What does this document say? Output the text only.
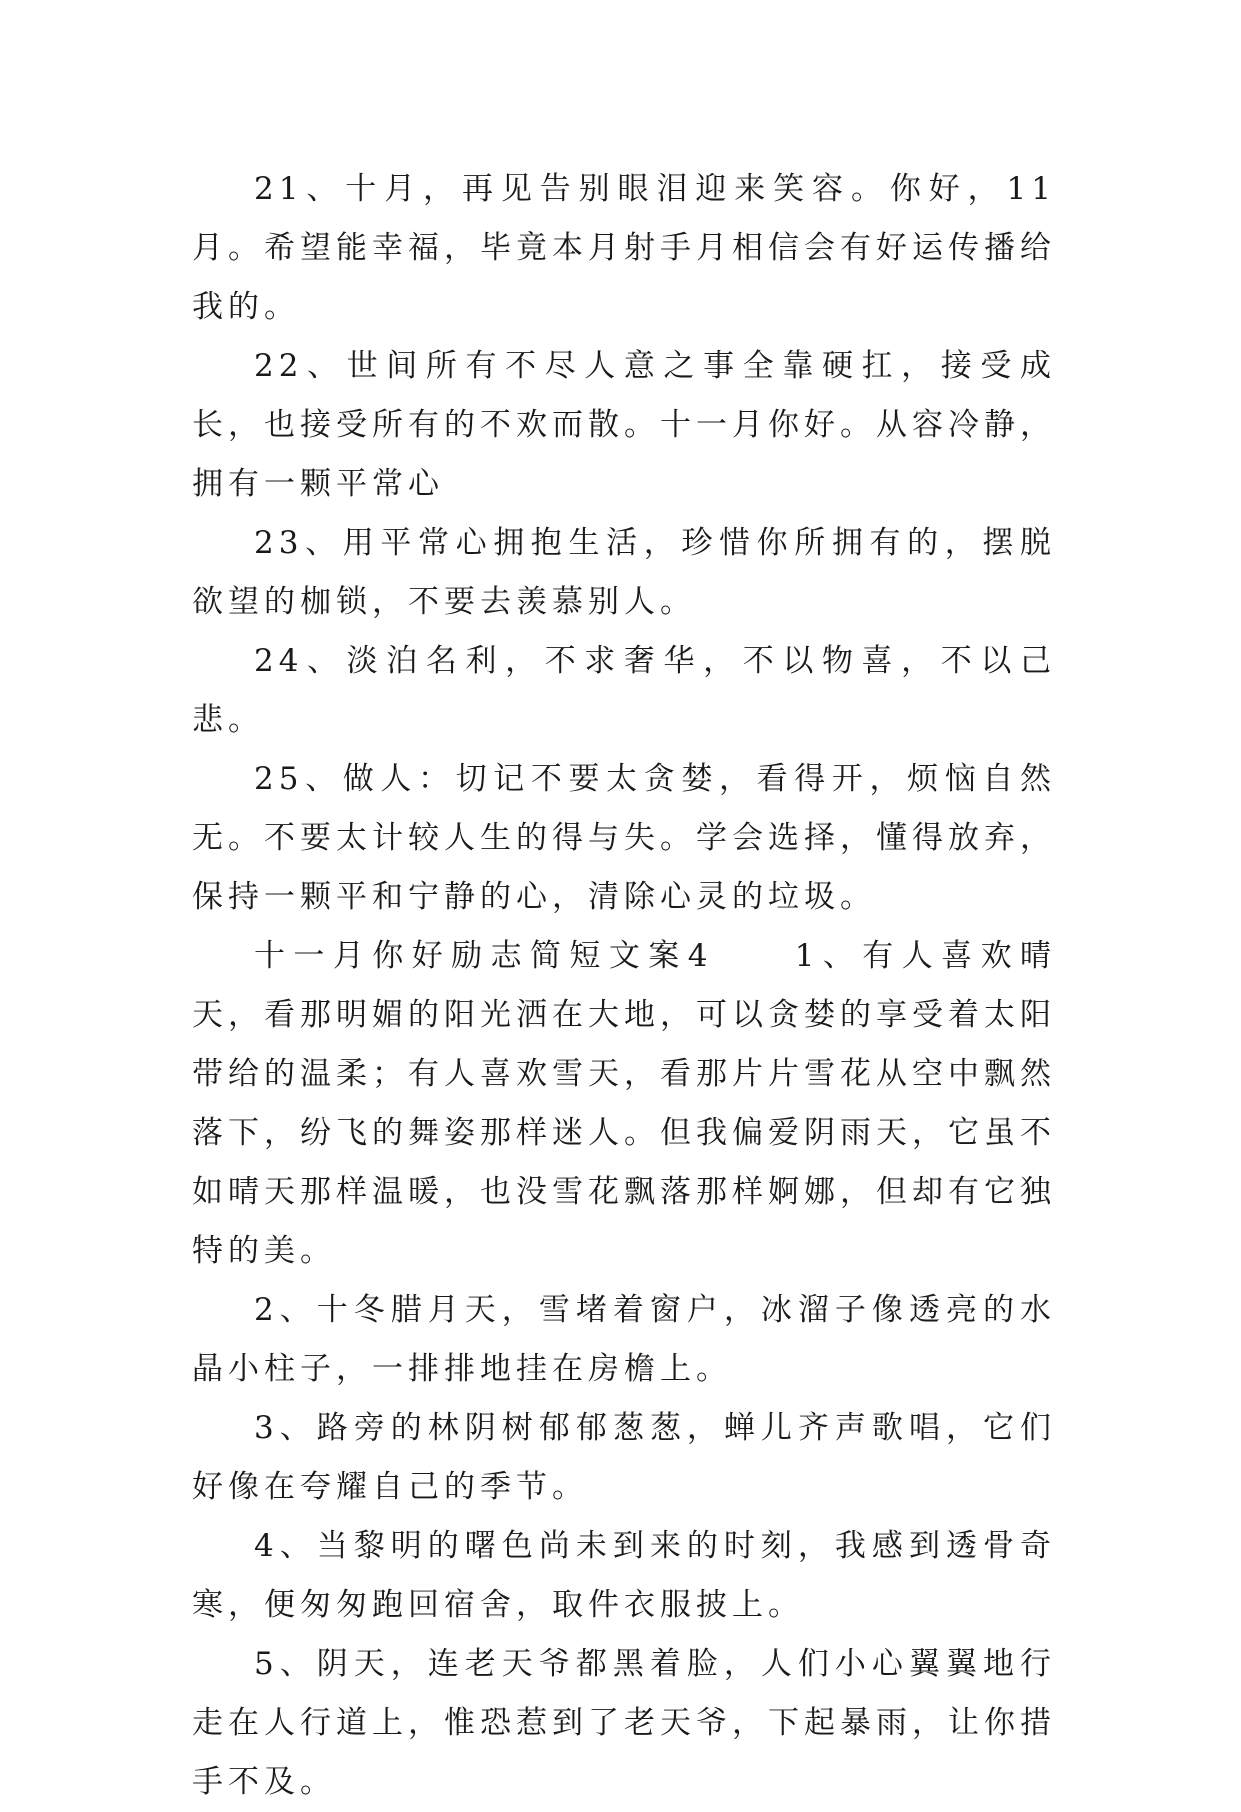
21、十月，再见告别眼泪迎来笑容。你好，11月。希望能幸福，毕竟本月射手月相信会有好运传播给我的。

22、世间所有不尽人意之事全靠硬扛，接受成长，也接受所有的不欢而散。十一月你好。从容冷静，拥有一颗平常心

23、用平常心拥抱生活，珍惜你所拥有的，摆脱欲望的枷锁，不要去羡慕别人。

24、淡泊名利，不求奢华，不以物喜，不以己悲。

25、做人：切记不要太贪婪，看得开，烦恼自然无。不要太计较人生的得与失。学会选择，懂得放弃，保持一颗平和宁静的心，清除心灵的垃圾。

十一月你好励志简短文案4　　1、有人喜欢晴天，看那明媚的阳光洒在大地，可以贪婪的享受着太阳带给的温柔；有人喜欢雪天，看那片片雪花从空中飘然落下，纷飞的舞姿那样迷人。但我偏爱阴雨天，它虽不如晴天那样温暖，也没雪花飘落那样婀娜，但却有它独特的美。

2、十冬腊月天，雪堵着窗户，冰溜子像透亮的水晶小柱子，一排排地挂在房檐上。

3、路旁的林阴树郁郁葱葱，蝉儿齐声歌唱，它们好像在夸耀自己的季节。

4、当黎明的曙色尚未到来的时刻，我感到透骨奇寒，便匆匆跑回宿舍，取件衣服披上。

5、阴天，连老天爷都黑着脸，人们小心翼翼地行走在人行道上，惟恐惹到了老天爷，下起暴雨，让你措手不及。
